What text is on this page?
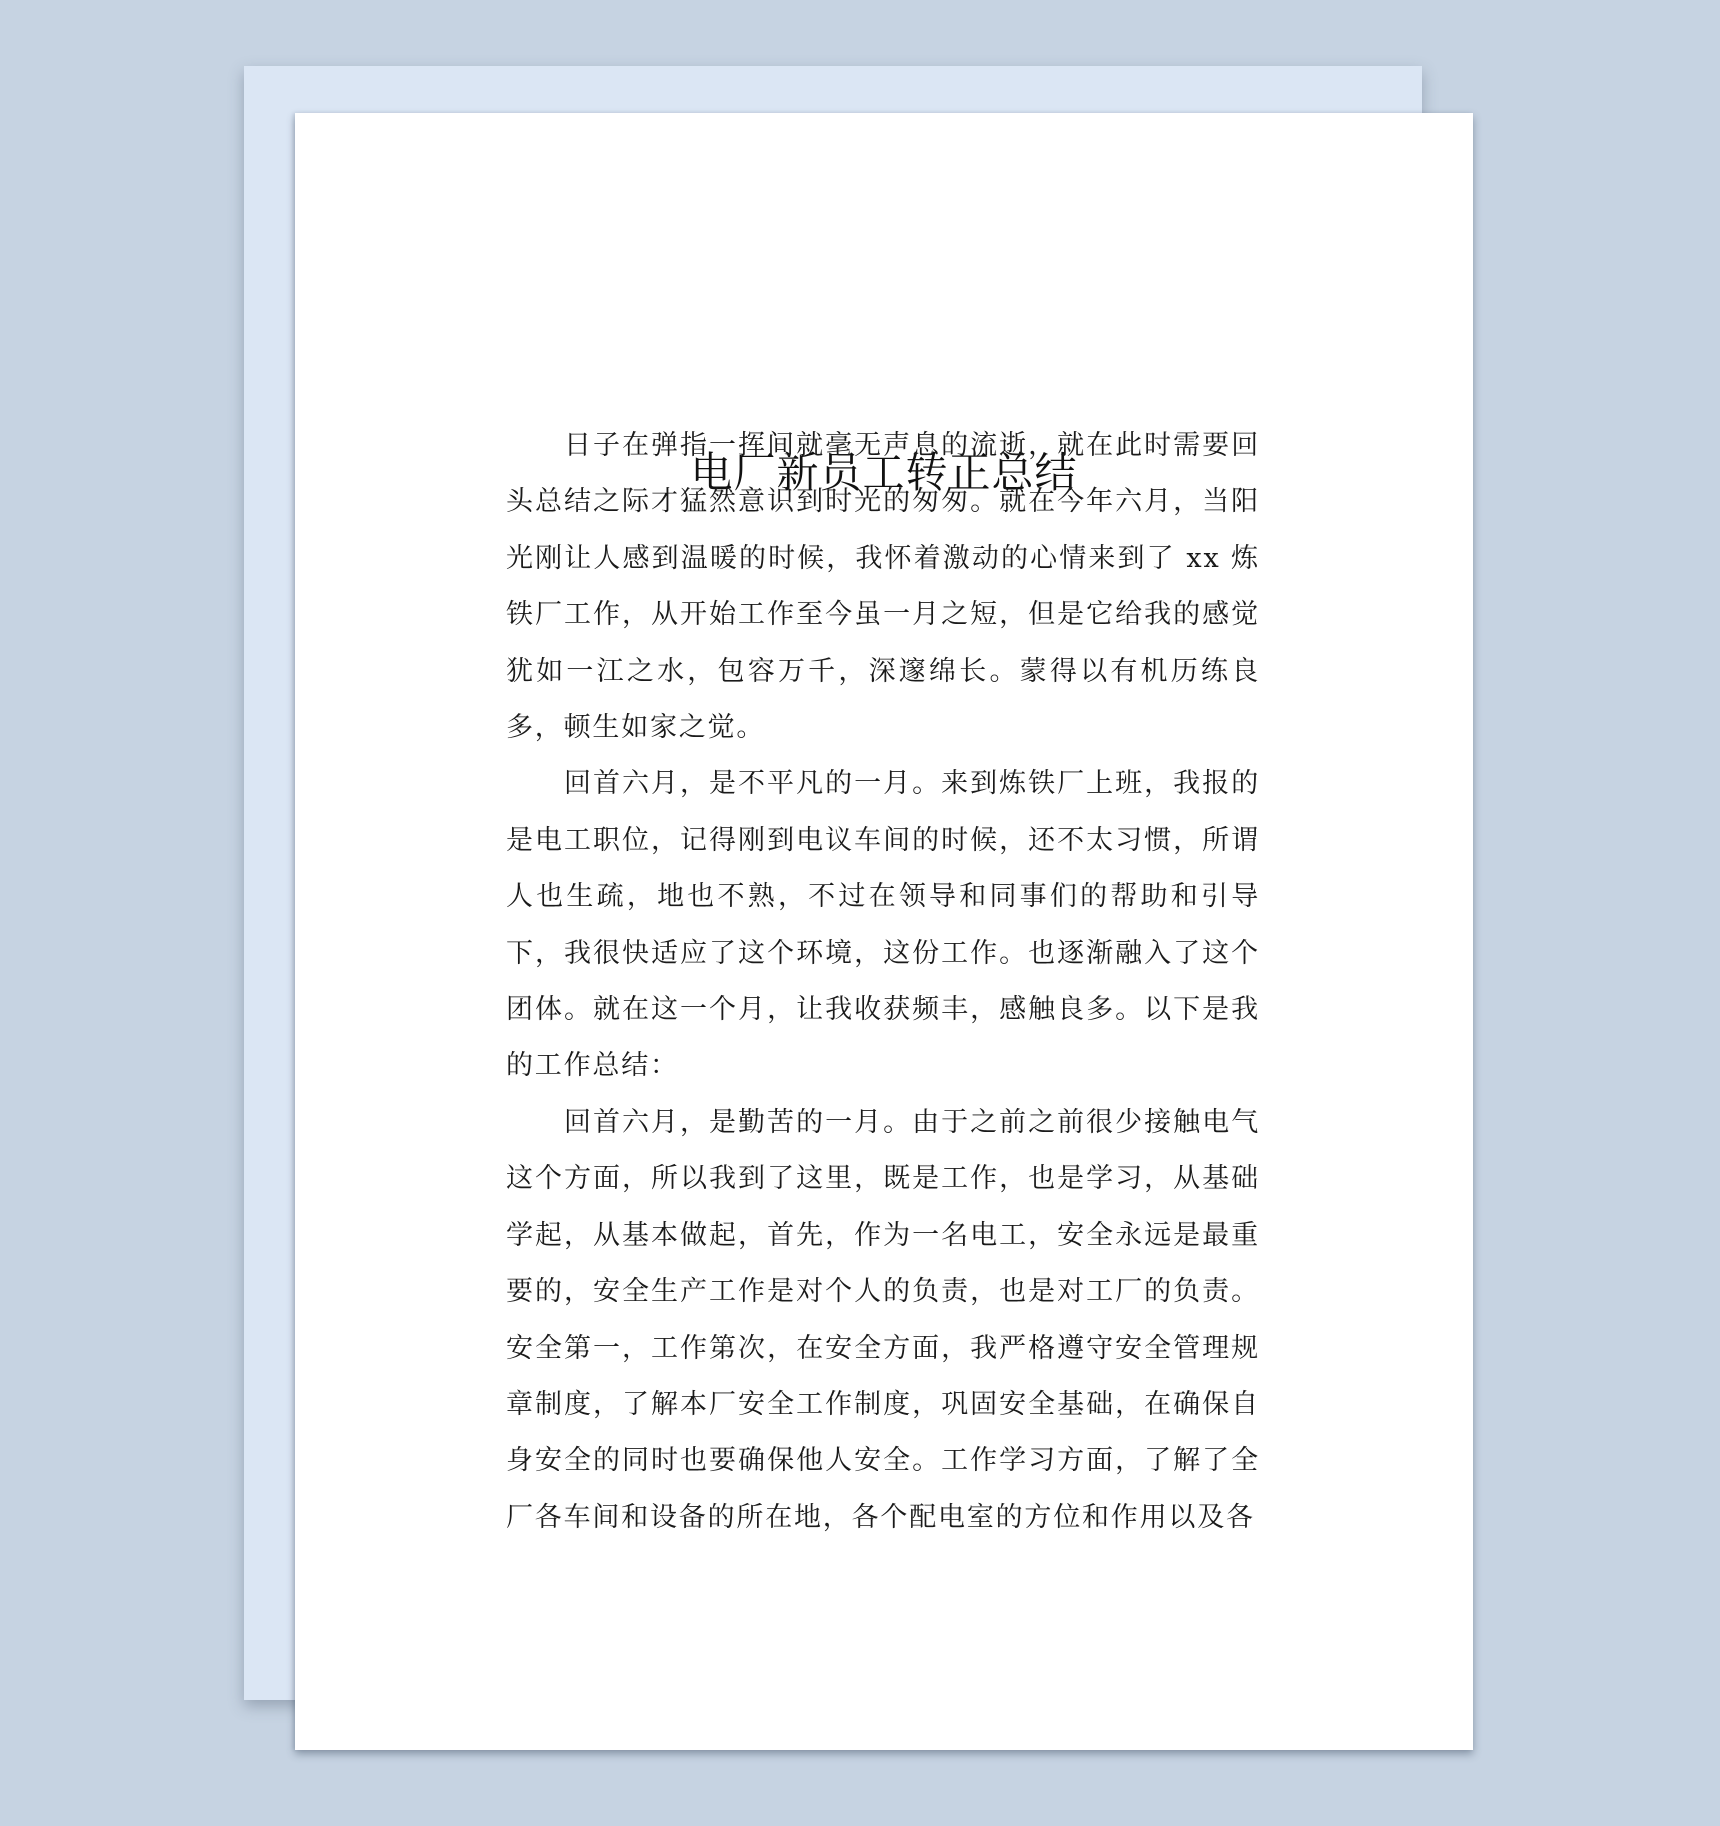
电厂新员工转正总结

日子在弹指一挥间就毫无声息的流逝，就在此时需要回头总结之际才猛然意识到时光的匆匆。就在今年六月，当阳光刚让人感到温暖的时候，我怀着激动的心情来到了 xx 炼铁厂工作，从开始工作至今虽一月之短，但是它给我的感觉犹如一江之水，包容万千，深邃绵长。蒙得以有机历练良多，顿生如家之觉。

回首六月，是不平凡的一月。来到炼铁厂上班，我报的是电工职位，记得刚到电议车间的时候，还不太习惯，所谓人也生疏，地也不熟，不过在领导和同事们的帮助和引导下，我很快适应了这个环境，这份工作。也逐渐融入了这个团体。就在这一个月，让我收获频丰，感触良多。以下是我的工作总结：

回首六月，是勤苦的一月。由于之前之前很少接触电气这个方面，所以我到了这里，既是工作，也是学习，从基础学起，从基本做起，首先，作为一名电工，安全永远是最重要的，安全生产工作是对个人的负责，也是对工厂的负责。安全第一，工作第次，在安全方面，我严格遵守安全管理规章制度，了解本厂安全工作制度，巩固安全基础，在确保自身安全的同时也要确保他人安全。工作学习方面，了解了全厂各车间和设备的所在地，各个配电室的方位和作用以及各
